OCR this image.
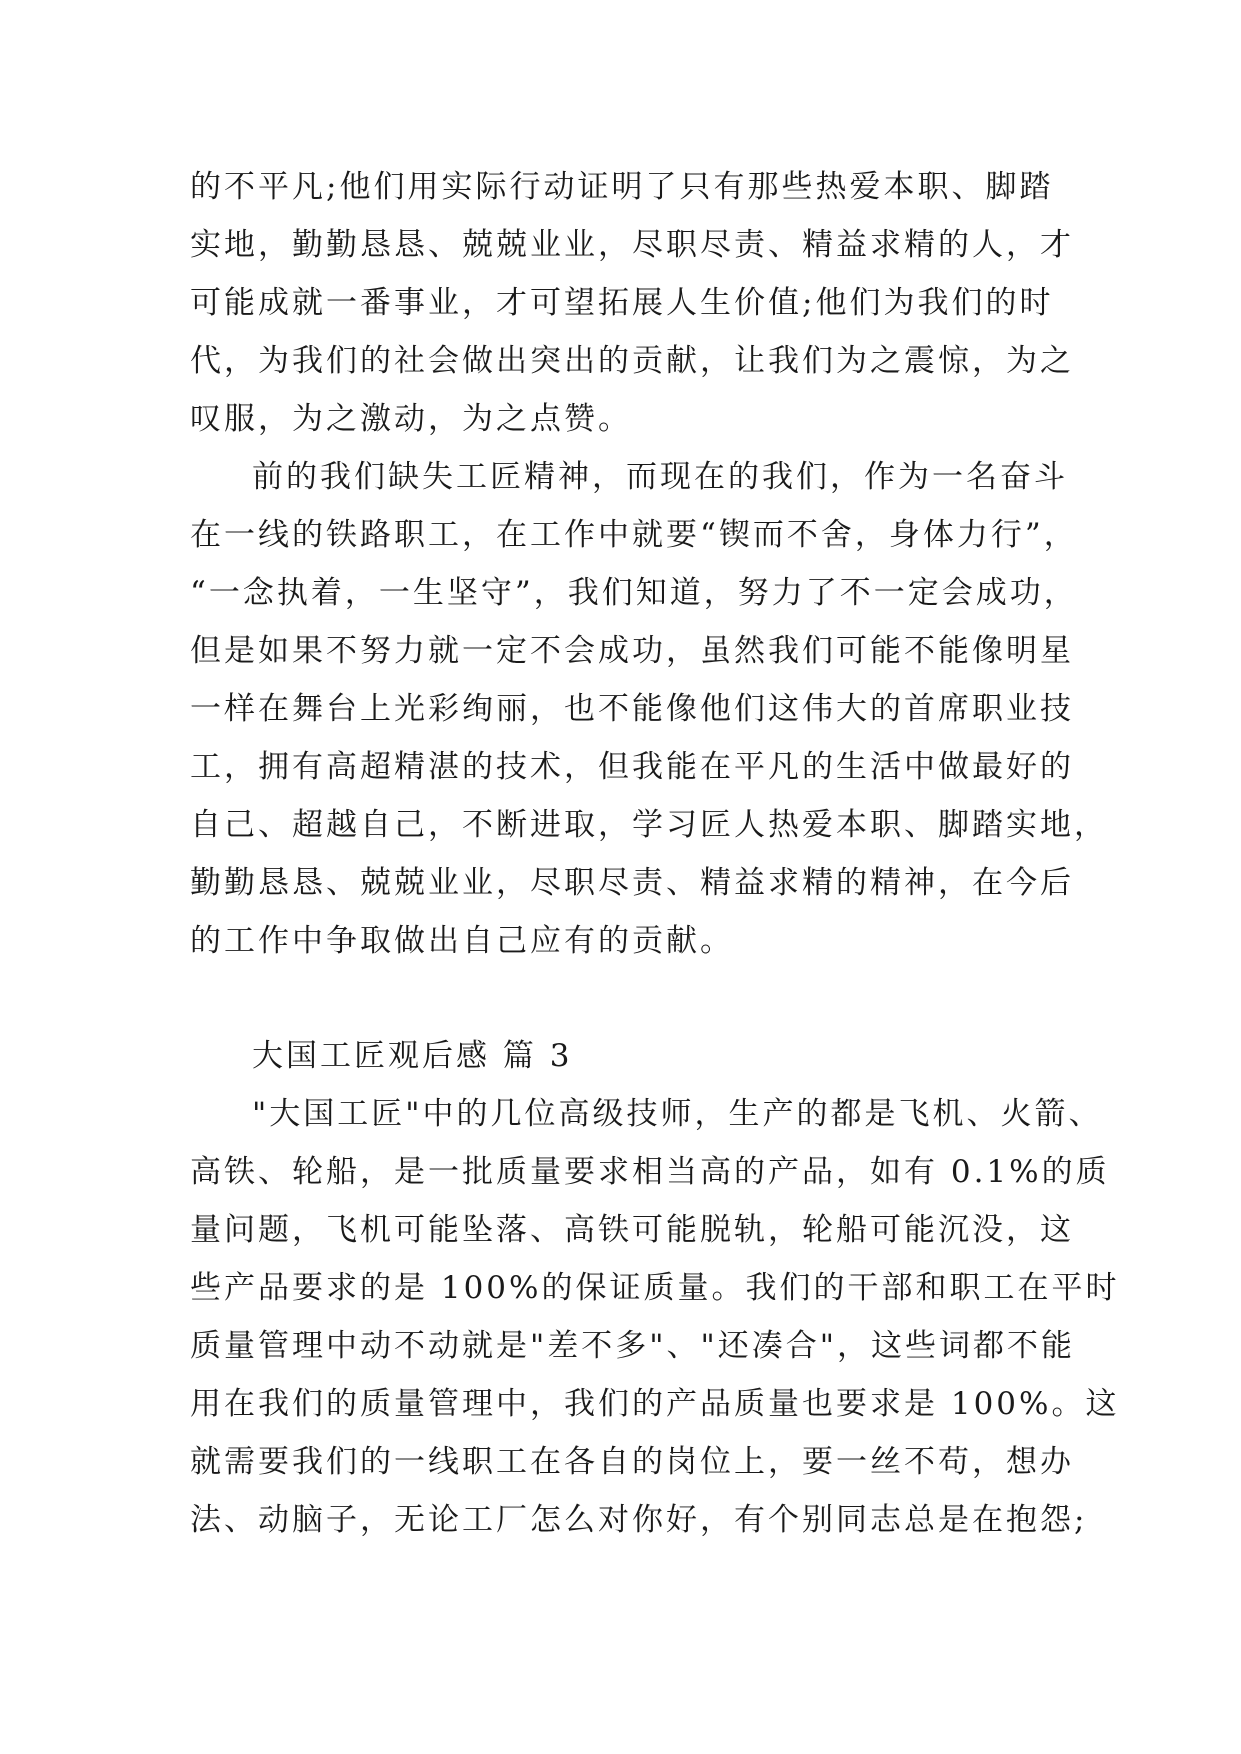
的不平凡;他们用实际行动证明了只有那些热爱本职、脚踏
实地，勤勤恳恳、兢兢业业，尽职尽责、精益求精的人，才
可能成就一番事业，才可望拓展人生价值;他们为我们的时
代，为我们的社会做出突出的贡献，让我们为之震惊，为之
叹服，为之激动，为之点赞。
前的我们缺失工匠精神，而现在的我们，作为一名奋斗
在一线的铁路职工，在工作中就要“锲而不舍，身体力行”，
“一念执着，一生坚守”，我们知道，努力了不一定会成功，
但是如果不努力就一定不会成功，虽然我们可能不能像明星
一样在舞台上光彩绚丽，也不能像他们这伟大的首席职业技
工，拥有高超精湛的技术，但我能在平凡的生活中做最好的
自己、超越自己，不断进取，学习匠人热爱本职、脚踏实地，
勤勤恳恳、兢兢业业，尽职尽责、精益求精的精神，在今后
的工作中争取做出自己应有的贡献。
大国工匠观后感 篇 3
"大国工匠"中的几位高级技师，生产的都是飞机、火箭、
高铁、轮船，是一批质量要求相当高的产品，如有 0.1%的质
量问题，飞机可能坠落、高铁可能脱轨，轮船可能沉没，这
些产品要求的是 100%的保证质量。我们的干部和职工在平时
质量管理中动不动就是"差不多"、"还凑合"，这些词都不能
用在我们的质量管理中，我们的产品质量也要求是 100%。这
就需要我们的一线职工在各自的岗位上，要一丝不苟，想办
法、动脑子，无论工厂怎么对你好，有个别同志总是在抱怨;
